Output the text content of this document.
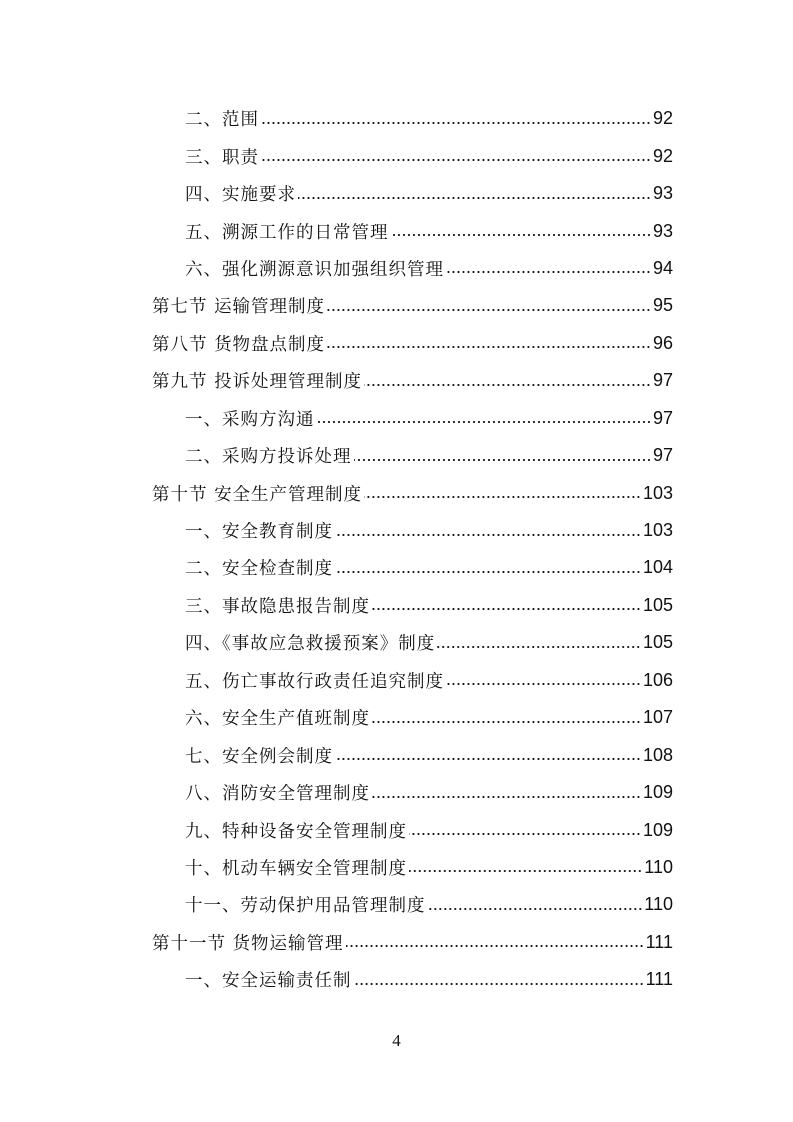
二、范围	92
三、职责	92
四、实施要求	93
五、溯源工作的日常管理	93
六、强化溯源意识加强组织管理	94
第七节 运输管理制度	95
第八节 货物盘点制度	96
第九节 投诉处理管理制度	97
一、采购方沟通	97
二、采购方投诉处理	97
第十节 安全生产管理制度	103
一、安全教育制度	103
二、安全检查制度	104
三、事故隐患报告制度	105
四、《事故应急救援预案》制度	105
五、伤亡事故行政责任追究制度	106
六、安全生产值班制度	107
七、安全例会制度	108
八、消防安全管理制度	109
九、特种设备安全管理制度	109
十、机动车辆安全管理制度	110
十一、劳动保护用品管理制度	110
第十一节 货物运输管理	111
一、安全运输责任制	111
4
